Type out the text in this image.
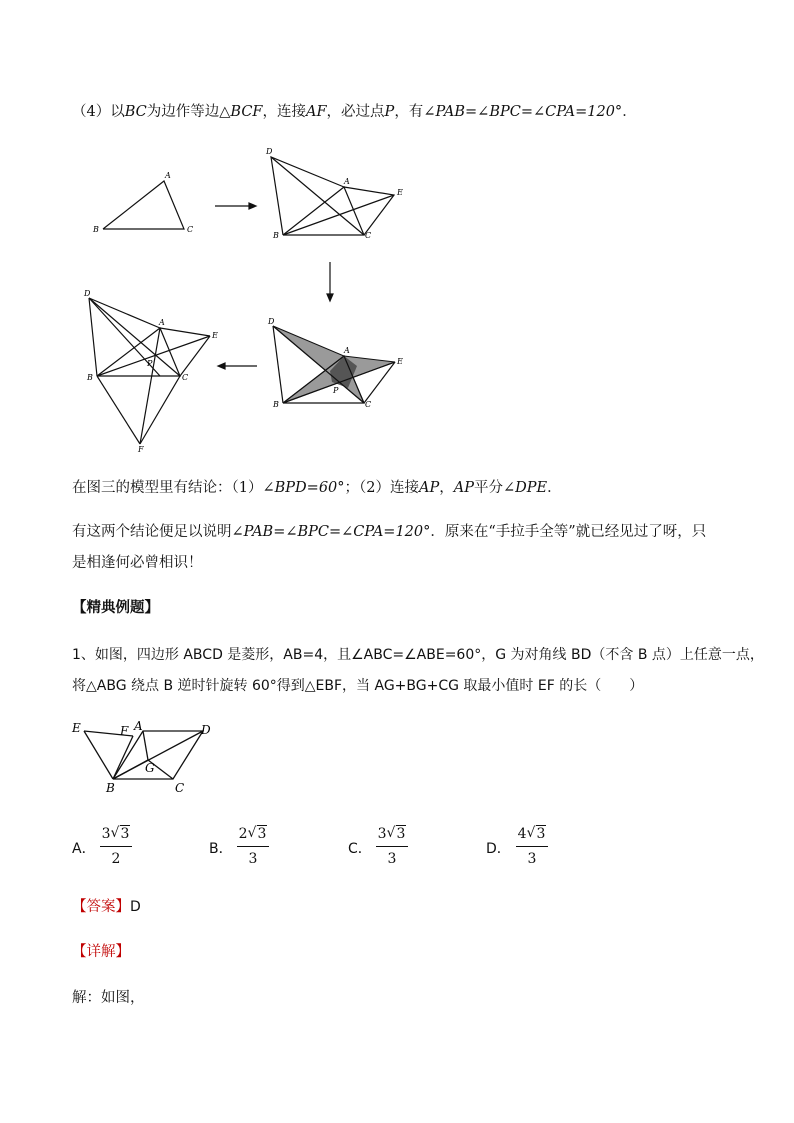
（4）以BC为边作等边△BCF，连接AF，必过点P，有∠PAB=∠BPC=∠CPA=120°．
A
B	C
D
A
E
B	C
D
A
E
P
B	C
D
A
E
P
B	C
F
E	F A	D
G
B	C
在图三的模型里有结论：（1）∠BPD=60°；（2）连接AP，AP平分∠DPE．
有这两个结论便足以说明∠PAB=∠BPC=∠CPA=120°．原来在“手拉手全等”就已经见过了呀，只
是相逢何必曾相识！
【精典例题】
1、如图，四边形 ABCD 是菱形，AB=4，且∠ABC=∠ABE=60°，G 为对角线 BD（不含 B 点）上任意一点，
将△ABG 绕点 B 逆时针旋转 60°得到△EBF，当 AG+BG+CG 取最小值时 EF 的长（　　）
A．
3 √ 3
2
B．
2 √ 3
3
C．
3 √ 3
3
D．
4 √ 3
3
【答案】D
【详解】
解：如图，
